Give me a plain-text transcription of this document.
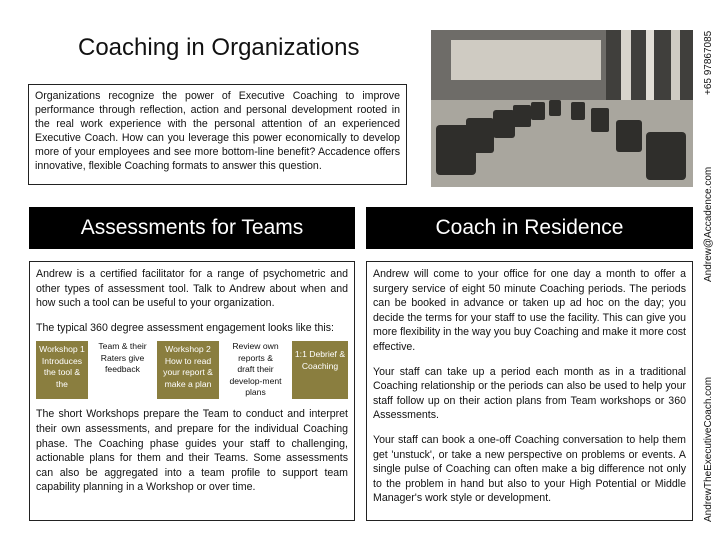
Coaching in Organizations
Organizations recognize the power of Executive Coaching to improve performance through reflection, action and personal development rooted in the real work experience with the personal attention of an experienced Executive Coach. How can you leverage this power economically to develop more of your employees and see more bottom-line benefit? Accadence offers innovative, flexible Coaching formats to answer this question.
Assessments for Teams	Coach in Residence

Andrew is a certified facilitator for a range of psychometric and other types of assessment tool. Talk to Andrew about when and how such a tool can be useful to your organization.

The typical 360 degree assessment engagement looks like this:

Workshop 1 Introduces the tool & the
Team & their Raters give feedback
Workshop 2 How to read your report & make a plan
Review own reports & draft their develop-ment plans
1:1 Debrief & Coaching

The short Workshops prepare the Team to conduct and interpret their own assessments, and prepare for the individual Coaching phase. The Coaching phase guides your staff to challenging, actionable plans for them and their Teams. Some assessments can also be aggregated into a team profile to support team capability planning in a Workshop or over time.

Andrew will come to your office for one day a month to offer a surgery service of eight 50 minute Coaching periods. The periods can be booked in advance or taken up ad hoc on the day; you decide the terms for your staff to use the facility. This can give you more flexibility in the way you buy Coaching and make it more cost effective.

Your staff can take up a period each month as in a traditional Coaching relationship or the periods can also be used to help your staff follow up on their action plans from Team workshops or 360 Assessments.

Your staff can book a one-off Coaching conversation to help them get 'unstuck', or take a new perspective on problems or events. A single pulse of Coaching can often make a big difference not only to the problem in hand but also to your High Potential or Middle Manager's work style or development.

+65 97867085
Andrew@Accadence.com
AndrewTheExecutiveCoach.com
